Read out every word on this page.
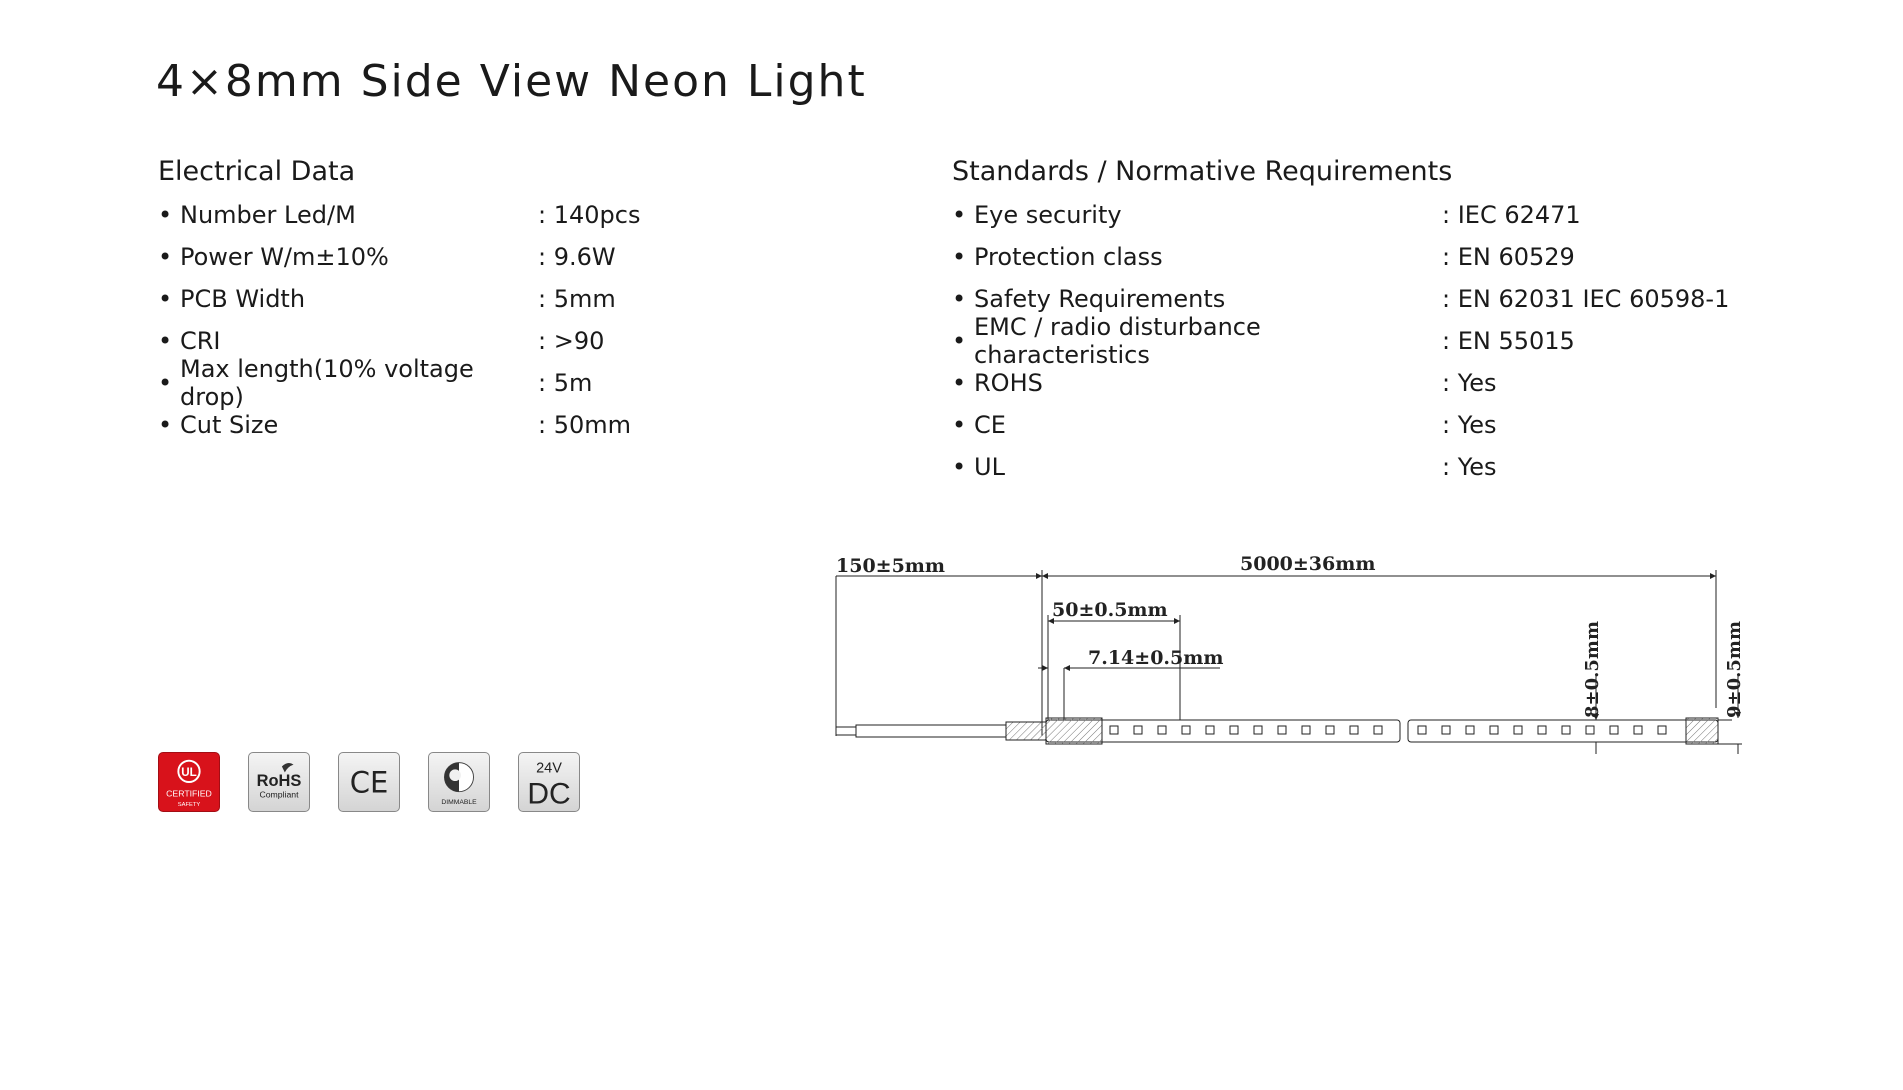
4×8mm Side View Neon Light
Electrical Data
• Number Led/M	: 140pcs
• Power W/m±10%	: 9.6W
• PCB Width	: 5mm
• CRI	: >90
• Max length(10% voltage drop)	: 5m
• Cut Size	: 50mm
Standards / Normative Requirements
• Eye security	: IEC 62471
• Protection class	: EN 60529
• Safety Requirements	: EN 62031 IEC 60598-1
• EMC / radio disturbance characteristics	: EN 55015
• ROHS	: Yes
• CE	: Yes
• UL	: Yes
UL
CERTIFIED
SAFETY
RoHS
Compliant CE
DIMMABLE
24V
DC
150±5mm	5000±36mm
50±0.5mm
7.14±0.5mm	8±0.5mm	9±0.5mm
